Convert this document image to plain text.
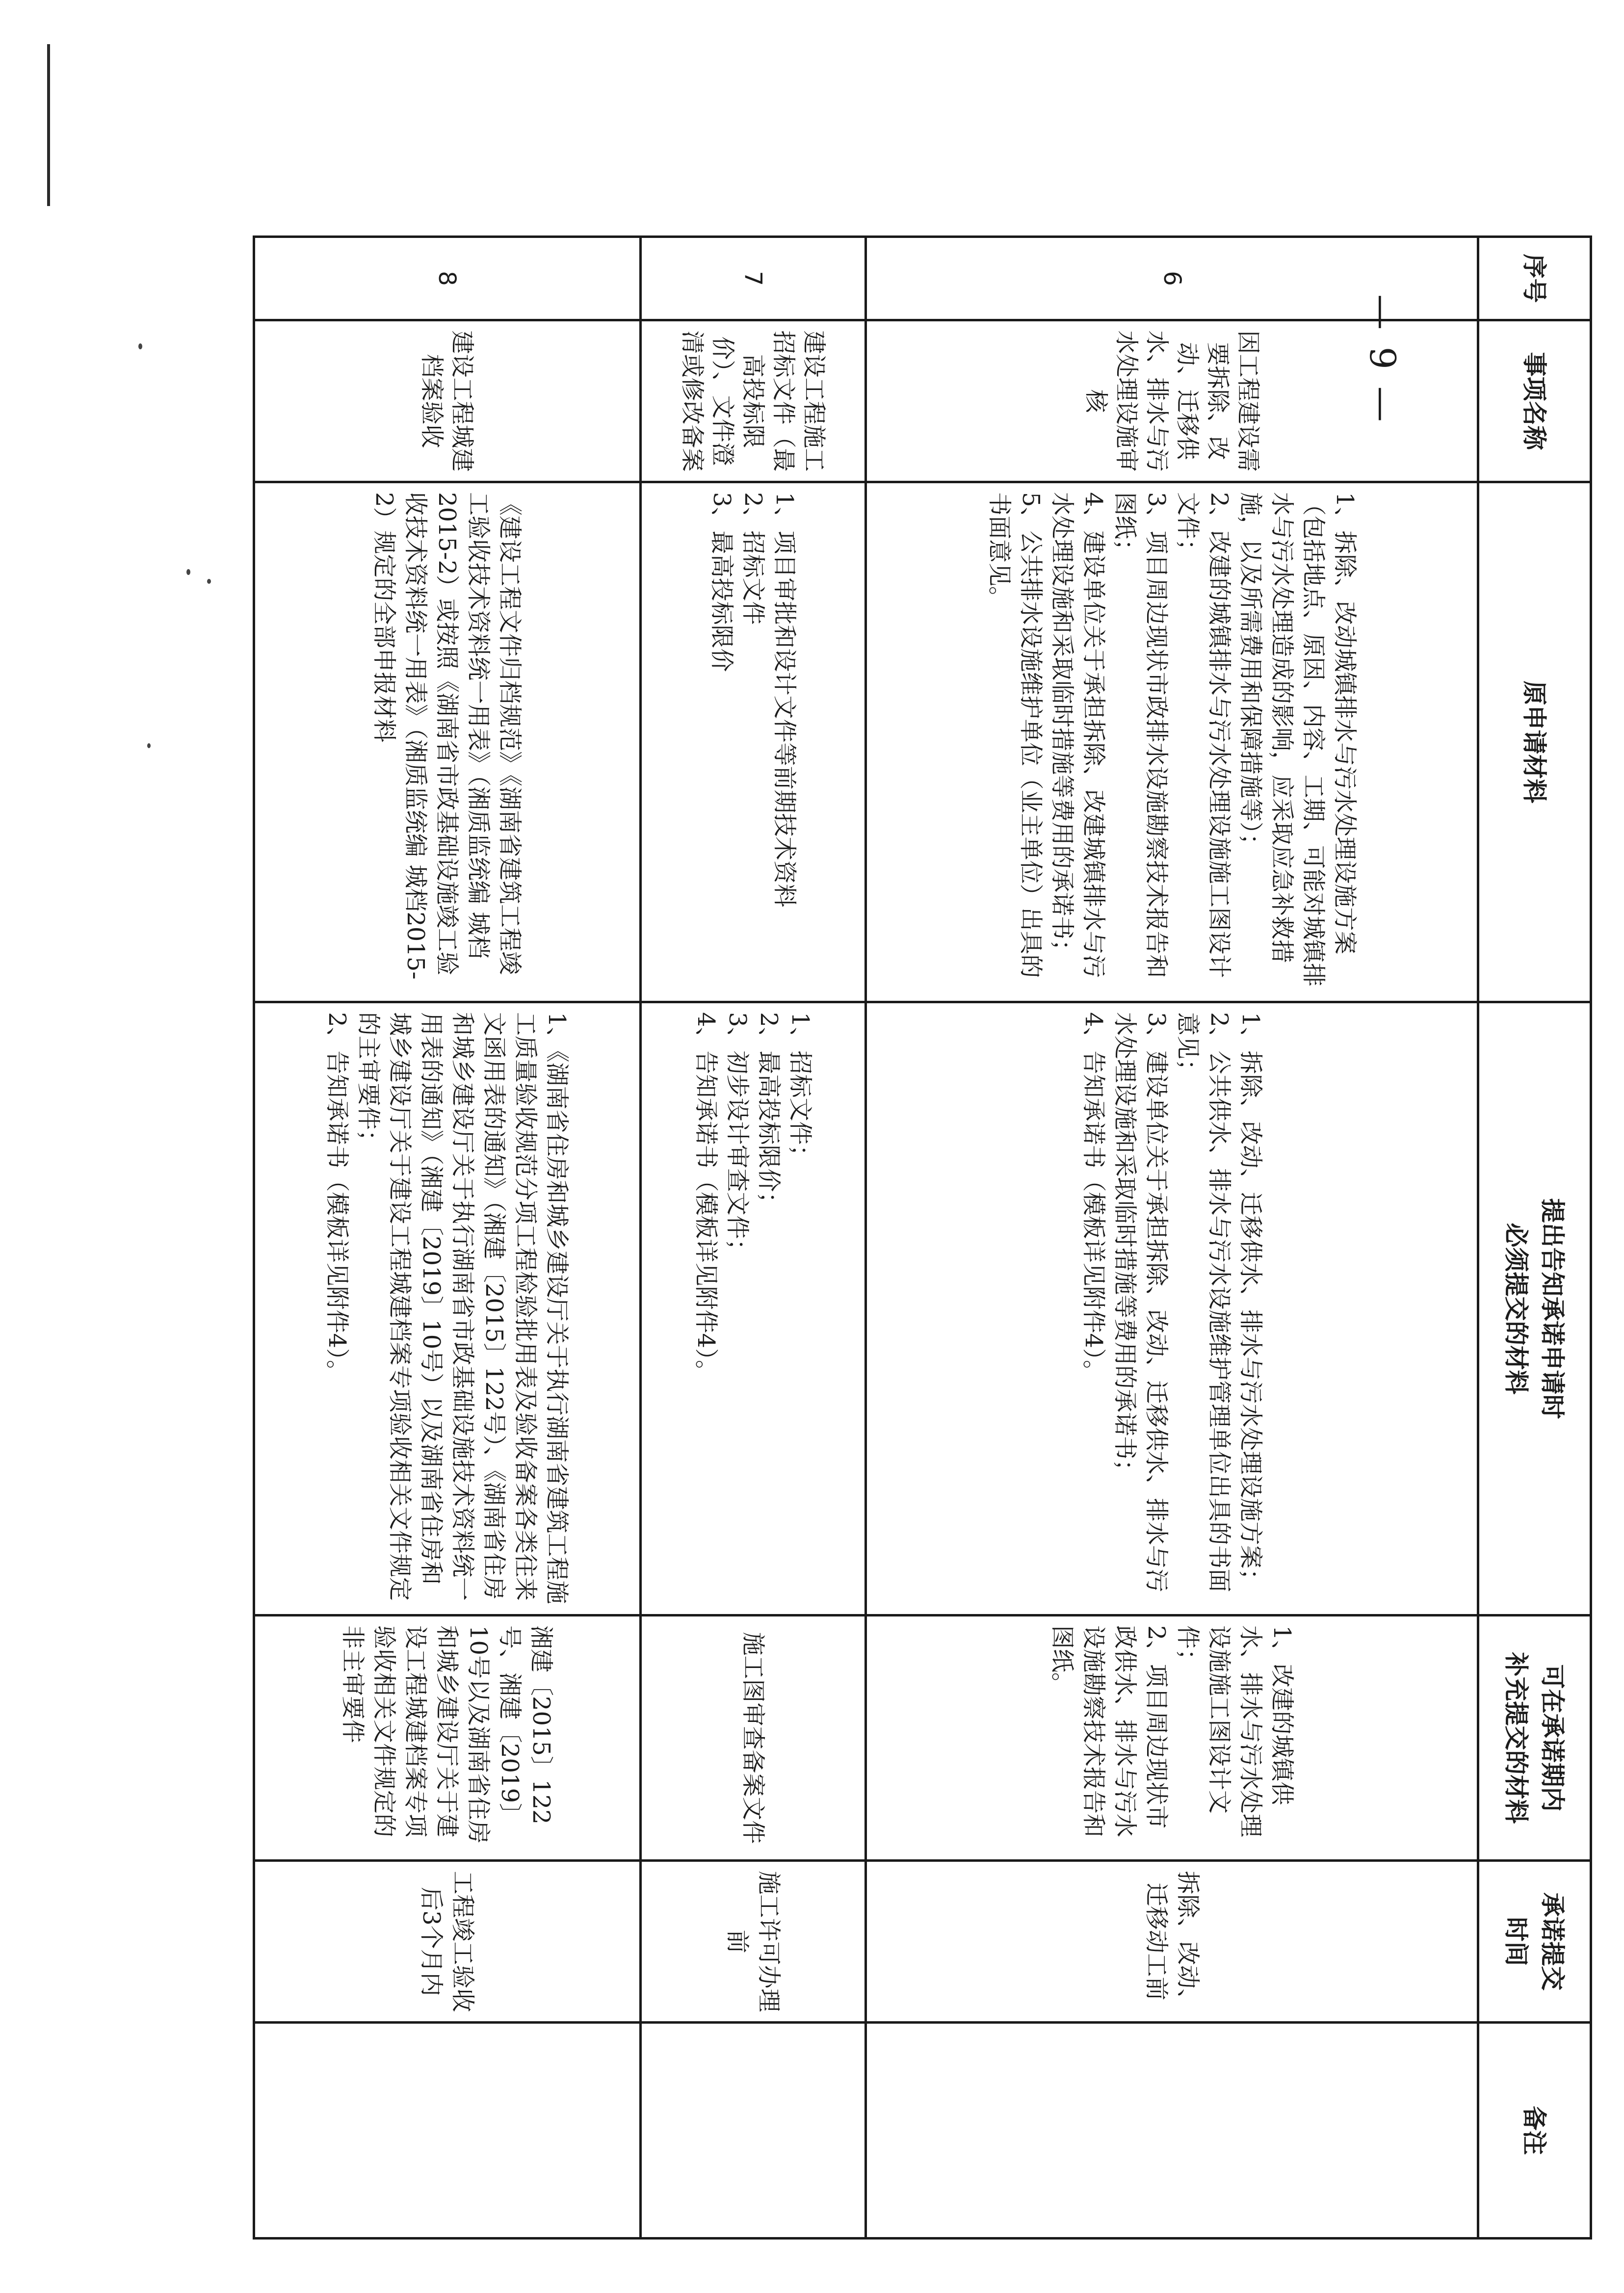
序号	事项名称	原申请材料	提出告知承诺申请时
必须提交的材料	可在承诺期内
补充提交的材料	承诺提交
时间	备注
6	因工程建设需要拆除、改动、迁移供水、排水与污水处理设施审核	1、拆除、改动城镇排水与污水处理设施方案（包括地点、原因、内容、工期、可能对城镇排水与污水处理造成的影响，应采取应急补救措施，以及所需费用和保障措施等）；
2、改建的城镇排水与污水处理设施施工图设计文件；
3、项目周边现状市政排水设施勘察技术报告和图纸；
4、建设单位关于承担拆除、改建城镇排水与污水处理设施和采取临时措施等费用的承诺书；
5、公共排水设施维护单位（业主单位）出具的书面意见。	1、拆除、改动、迁移供水、排水与污水处理设施方案；
2、公共供水、排水与污水设施维护管理单位出具的书面意见；
3、建设单位关于承担拆除、改动、迁移供水、排水与污水处理设施和采取临时措施等费用的承诺书；
4、告知承诺书（模板详见附件4）。	1、改建的城镇供水、排水与污水处理设施施工图设计文件；
2、项目周边现状市政供水、排水与污水设施勘察技术报告和图纸。	拆除、改动、迁移动工前	
7	建设工程施工招标文件（最高投标限价）、文件澄清或修改备案	1、项目审批和设计文件等前期技术资料
2、招标文件
3、最高投标限价	1、招标文件；
2、最高投标限价；
3、初步设计审查文件；
4、告知承诺书（模板详见附件4）。	施工图审查备案文件	施工许可办理前	
8	建设工程城建档案验收	《建设工程文件归档规范》《湖南省建筑工程竣工验收技术资料统一用表》（湘质监统编 城档2015-2）或按照《湖南省市政基础设施竣工验收技术资料统一用表》（湘质监统编 城档2015-2）规定的全部申报材料	1、《湖南省住房和城乡建设厅关于执行湖南省建筑工程施工质量验收规范分项工程检验批用表及验收备案各类往来文函用表的通知》（湘建〔2015〕122号）、《湖南省住房和城乡建设厅关于执行湖南省市政基础设施技术资料统一用表的通知》（湘建〔2019〕10号）以及湖南省住房和城乡建设厅关于建设工程城建档案专项验收相关文件规定的主审要件；
2、告知承诺书（模板详见附件4）。	湘建〔2015〕122号、湘建〔2019〕10号以及湖南省住房和城乡建设厅关于建设工程城建档案专项验收相关文件规定的非主审要件	工程竣工验收后3个月内	
— 9 —
